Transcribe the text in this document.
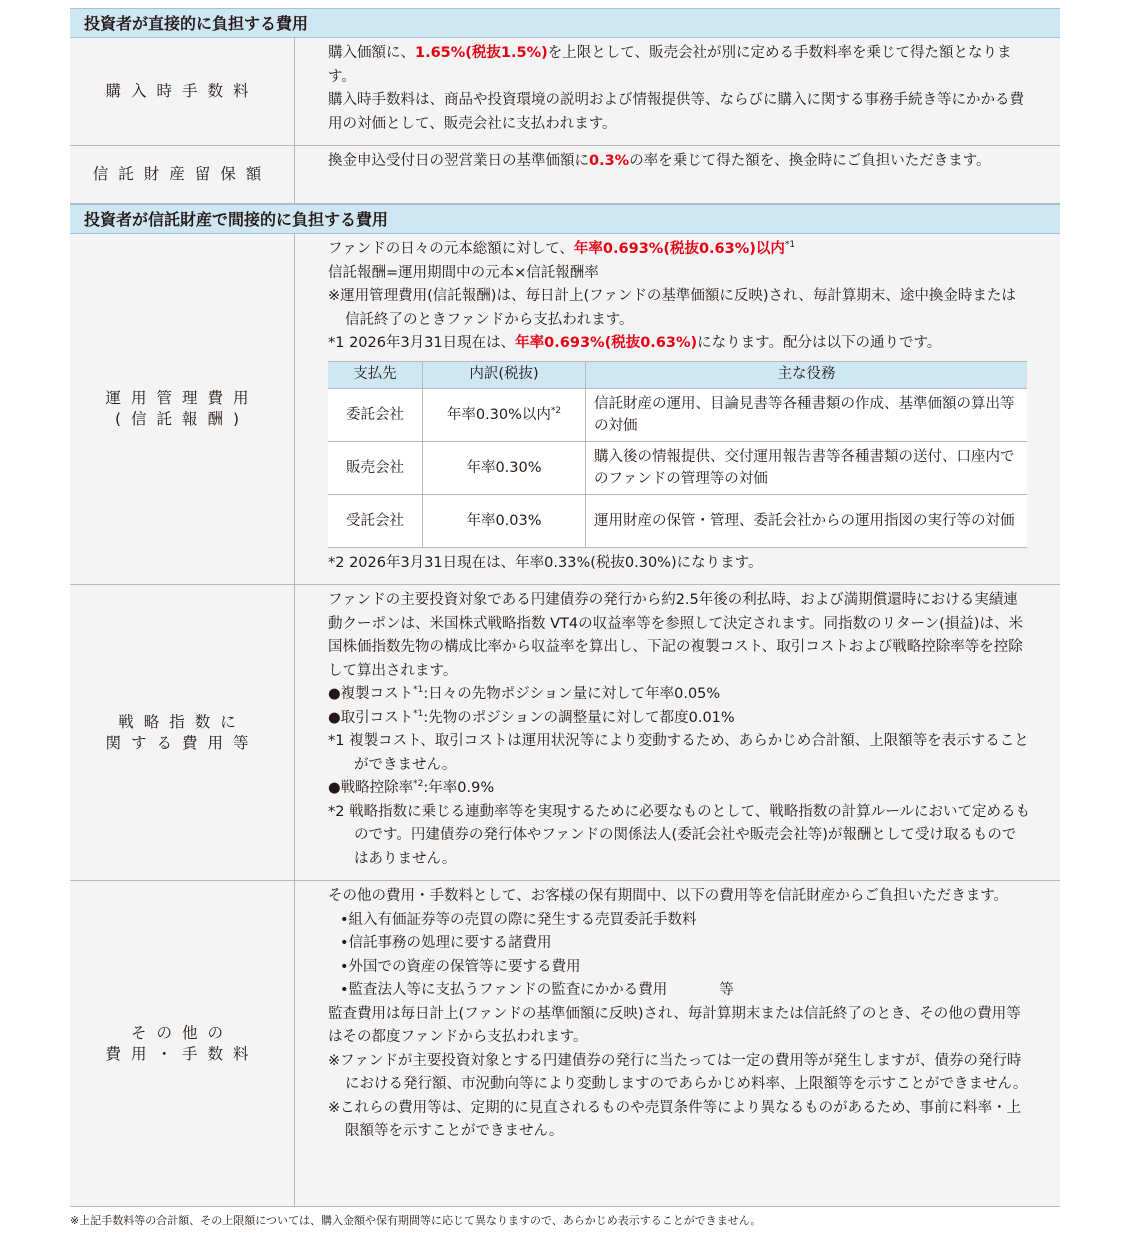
投資者が直接的に負担する費用
購入時手数料

購入価額に、1.65%(税抜1.5%)を上限として、販売会社が別に定める手数料率を乗じて得た額となります。

購入時手数料は、商品や投資環境の説明および情報提供等、ならびに購入に関する事務手続き等にかかる費用の対価として、販売会社に支払われます。

信託財産留保額

換金申込受付日の翌営業日の基準価額に0.3%の率を乗じて得た額を、換金時にご負担いただきます。

投資者が信託財産で間接的に負担する費用
運用管理費用
(信託報酬)

ファンドの日々の元本総額に対して、年率0.693%(税抜0.63%)以内$^{*1}$

信託報酬=運用期間中の元本×信託報酬率

※運用管理費用(信託報酬)は、毎日計上(ファンドの基準価額に反映)され、毎計算期末、途中換金時または信託終了のときファンドから支払われます。

*1 2026年3月31日現在は、年率0.693%(税抜0.63%)になります。配分は以下の通りです。

支払先	内訳(税抜)	主な役務
委託会社	年率0.30%以内$^{*2}$	信託財産の運用、目論見書等各種書類の作成、基準価額の算出等の対価
販売会社	年率0.30%	購入後の情報提供、交付運用報告書等各種書類の送付、口座内でのファンドの管理等の対価
受託会社	年率0.03%	運用財産の保管・管理、委託会社からの運用指図の実行等の対価

*2 2026年3月31日現在は、年率0.33%(税抜0.30%)になります。

戦略指数に
関する費用等

ファンドの主要投資対象である円建債券の発行から約2.5年後の利払時、および満期償還時における実績連動クーポンは、米国株式戦略指数 VT4の収益率等を参照して決定されます。同指数のリターン(損益)は、米国株価指数先物の構成比率から収益率を算出し、下記の複製コスト、取引コストおよび戦略控除率等を控除して算出されます。

●複製コスト$^{*1}$:日々の先物ポジション量に対して年率0.05%

●取引コスト$^{*1}$:先物のポジションの調整量に対して都度0.01%

*1 複製コスト、取引コストは運用状況等により変動するため、あらかじめ合計額、上限額等を表示することができません。

●戦略控除率$^{*2}$:年率0.9%

*2 戦略指数に乗じる連動率等を実現するために必要なものとして、戦略指数の計算ルールにおいて定めるものです。円建債券の発行体やファンドの関係法人(委託会社や販売会社等)が報酬として受け取るものではありません。

その他の
費用・手数料

その他の費用・手数料として、お客様の保有期間中、以下の費用等を信託財産からご負担いただきます。

•組入有価証券等の売買の際に発生する売買委託手数料

•信託事務の処理に要する諸費用

•外国での資産の保管等に要する費用

•監査法人等に支払うファンドの監査にかかる費用	等

監査費用は毎日計上(ファンドの基準価額に反映)され、毎計算期末または信託終了のとき、その他の費用等はその都度ファンドから支払われます。

※ファンドが主要投資対象とする円建債券の発行に当たっては一定の費用等が発生しますが、債券の発行時における発行額、市況動向等により変動しますのであらかじめ料率、上限額等を示すことができません。

※これらの費用等は、定期的に見直されるものや売買条件等により異なるものがあるため、事前に料率・上限額等を示すことができません。

※上記手数料等の合計額、その上限額については、購入金額や保有期間等に応じて異なりますので、あらかじめ表示することができません。
